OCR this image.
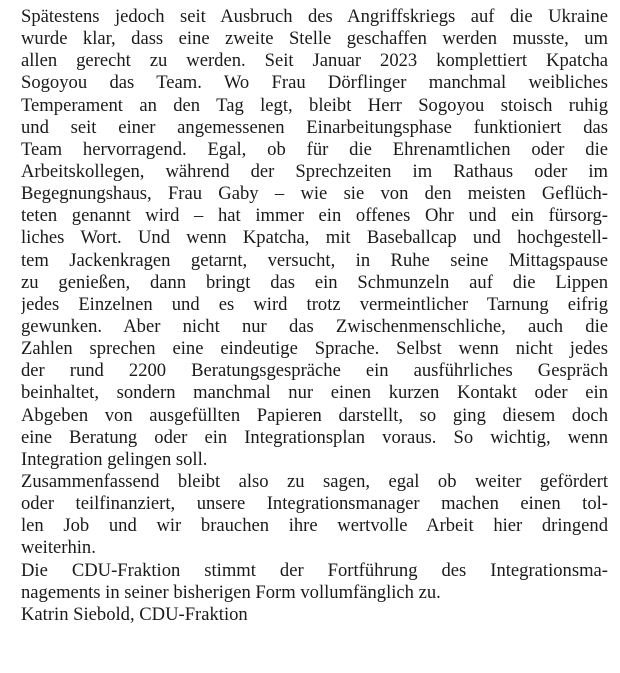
Spätestens jedoch seit Ausbruch des Angriffskriegs auf die Ukraine
wurde klar, dass eine zweite Stelle geschaffen werden musste, um
allen gerecht zu werden. Seit Januar 2023 komplettiert Kpatcha
Sogoyou das Team. Wo Frau Dörflinger manchmal weibliches
Temperament an den Tag legt, bleibt Herr Sogoyou stoisch ruhig
und seit einer angemessenen Einarbeitungsphase funktioniert das
Team hervorragend. Egal, ob für die Ehrenamtlichen oder die
Arbeitskollegen, während der Sprechzeiten im Rathaus oder im
Begegnungshaus, Frau Gaby – wie sie von den meisten Geflüch-
teten genannt wird – hat immer ein offenes Ohr und ein fürsorg-
liches Wort. Und wenn Kpatcha, mit Baseballcap und hochgestell-
tem Jackenkragen getarnt, versucht, in Ruhe seine Mittagspause
zu genießen, dann bringt das ein Schmunzeln auf die Lippen
jedes Einzelnen und es wird trotz vermeintlicher Tarnung eifrig
gewunken. Aber nicht nur das Zwischenmenschliche, auch die
Zahlen sprechen eine eindeutige Sprache. Selbst wenn nicht jedes
der rund 2200 Beratungsgespräche ein ausführliches Gespräch
beinhaltet, sondern manchmal nur einen kurzen Kontakt oder ein
Abgeben von ausgefüllten Papieren darstellt, so ging diesem doch
eine Beratung oder ein Integrationsplan voraus. So wichtig, wenn
Integration gelingen soll.
Zusammenfassend bleibt also zu sagen, egal ob weiter gefördert
oder teilfinanziert, unsere Integrationsmanager machen einen tol-
len Job und wir brauchen ihre wertvolle Arbeit hier dringend
weiterhin.
Die CDU-Fraktion stimmt der Fortführung des Integrationsma-
nagements in seiner bisherigen Form vollumfänglich zu.
Katrin Siebold, CDU-Fraktion
